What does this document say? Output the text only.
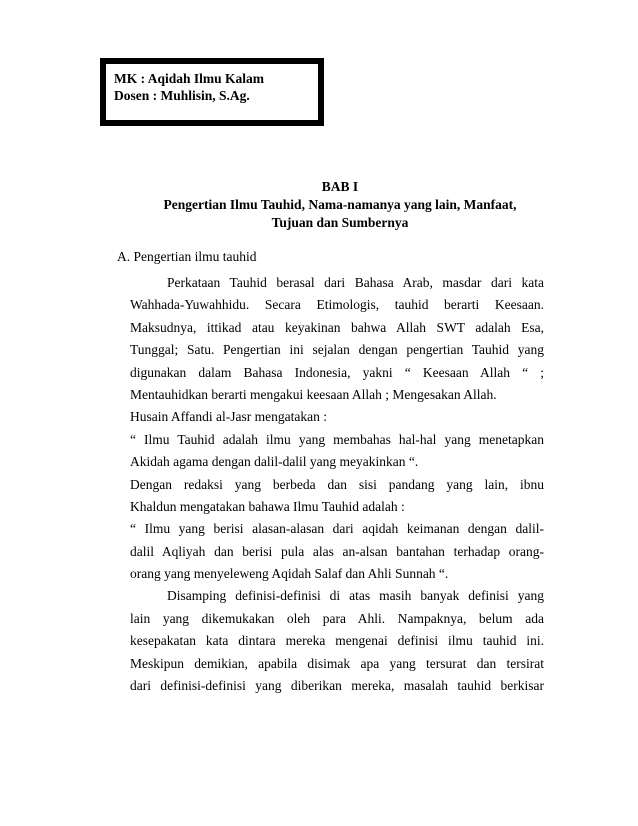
MK : Aqidah Ilmu Kalam
Dosen : Muhlisin, S.Ag.
BAB I
Pengertian Ilmu Tauhid, Nama-namanya yang lain, Manfaat,
Tujuan dan Sumbernya
A. Pengertian ilmu tauhid
Perkataan Tauhid berasal dari Bahasa Arab, masdar dari kata
Wahhada-Yuwahhidu. Secara Etimologis, tauhid berarti Keesaan.
Maksudnya, ittikad atau keyakinan bahwa Allah SWT adalah Esa,
Tunggal; Satu. Pengertian ini sejalan dengan pengertian Tauhid yang
digunakan dalam Bahasa Indonesia, yakni “ Keesaan Allah “ ;
Mentauhidkan berarti mengakui keesaan Allah ; Mengesakan Allah.
Husain Affandi al-Jasr mengatakan :
“ Ilmu Tauhid adalah ilmu yang membahas hal-hal yang menetapkan
Akidah agama dengan dalil-dalil yang meyakinkan “.
Dengan redaksi yang berbeda dan sisi pandang yang lain, ibnu
Khaldun mengatakan bahawa Ilmu Tauhid adalah :
“ Ilmu yang berisi alasan-alasan dari aqidah keimanan dengan dalil-
dalil Aqliyah dan berisi pula alas an-alsan bantahan terhadap orang-
orang yang menyeleweng Aqidah Salaf dan Ahli Sunnah “.
Disamping definisi-definisi di atas masih banyak definisi yang
lain yang dikemukakan oleh para Ahli. Nampaknya, belum ada
kesepakatan kata dintara mereka mengenai definisi ilmu tauhid ini.
Meskipun demikian, apabila disimak apa yang tersurat dan tersirat
dari definisi-definisi yang diberikan mereka, masalah tauhid berkisar
